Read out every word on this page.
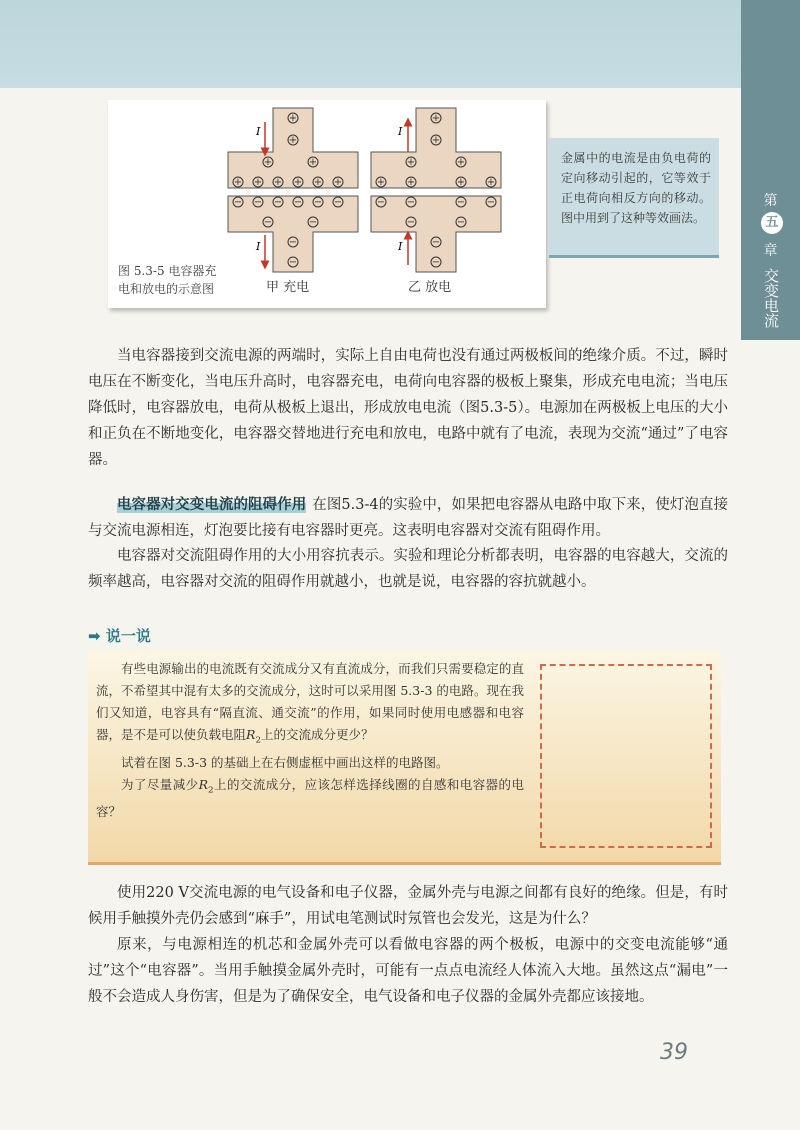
第
五
章
交变电流
I
I
+
+
+	+
+ + + + + +
− − − − − −
−	−
−
−
I
I
+
+
+	+
+ +	+ +
− −	− −
−	−
−
−
图 5.3-5 电容器充
电和放电的示意图	甲 充电	乙 放电
金属中的电流是由负电荷的定向移动引起的，它等效于正电荷向相反方向的移动。图中用到了这种等效画法。

当电容器接到交流电源的两端时，实际上自由电荷也没有通过两极板间的绝缘介质。不过，瞬时电压在不断变化，当电压升高时，电容器充电，电荷向电容器的极板上聚集，形成充电电流；当电压降低时，电容器放电，电荷从极板上退出，形成放电电流（图5.3-5）。电源加在两极板上电压的大小和正负在不断地变化，电容器交替地进行充电和放电，电路中就有了电流，表现为交流“通过”了电容器。

电容器对交变电流的阻碍作用 在图5.3-4的实验中，如果把电容器从电路中取下来，使灯泡直接与交流电源相连，灯泡要比接有电容器时更亮。这表明电容器对交流有阻碍作用。

电容器对交流阻碍作用的大小用容抗表示。实验和理论分析都表明，电容器的电容越大，交流的频率越高，电容器对交流的阻碍作用就越小，也就是说，电容器的容抗就越小。

➡ 说一说

有些电源输出的电流既有交流成分又有直流成分，而我们只需要稳定的直流，不希望其中混有太多的交流成分，这时可以采用图 5.3-3 的电路。现在我们又知道，电容具有“隔直流、通交流”的作用，如果同时使用电感器和电容器，是不是可以使负载电阻$R_2$上的交流成分更少？

试着在图 5.3-3 的基础上在右侧虚框中画出这样的电路图。

为了尽量减少$R_2$上的交流成分，应该怎样选择线圈的自感和电容器的电容？

使用220 V交流电源的电气设备和电子仪器，金属外壳与电源之间都有良好的绝缘。但是，有时候用手触摸外壳仍会感到“麻手”，用试电笔测试时氖管也会发光，这是为什么？

原来，与电源相连的机芯和金属外壳可以看做电容器的两个极板，电源中的交变电流能够“通过”这个“电容器”。当用手触摸金属外壳时，可能有一点点电流经人体流入大地。虽然这点“漏电”一般不会造成人身伤害，但是为了确保安全，电气设备和电子仪器的金属外壳都应该接地。

39
